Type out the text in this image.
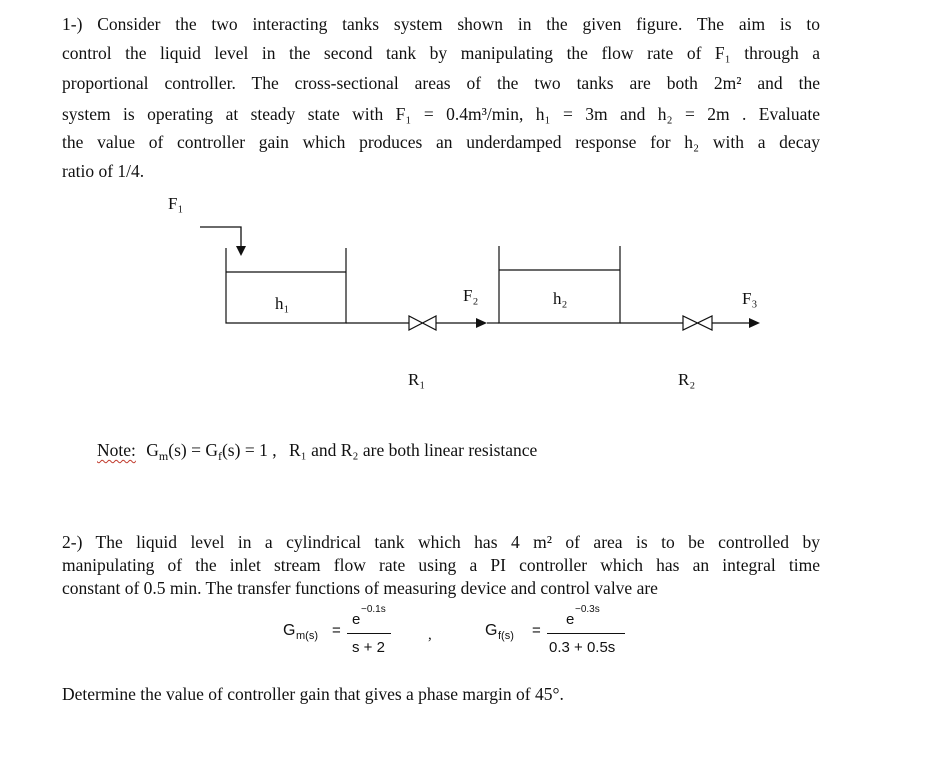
1-) Consider the two interacting tanks system shown in the given figure. The aim is to
control the liquid level in the second tank by manipulating the flow rate of F₁ through a
proportional controller. The cross-sectional areas of the two tanks are both 2m² and the
system is operating at steady state with F₁ = 0.4m³/min, h₁ = 3m and h₂ = 2m . Evaluate
the value of controller gain which produces an underdamped response for h₂ with a decay
ratio of 1/4.
F₁
h₁	F₂	h₂	F₃
R₁	R₂
Note: $G_m(s) = G_f(s) = 1$ , R₁ and R₂ are both linear resistance
2-) The liquid level in a cylindrical tank which has 4 m² of area is to be controlled by
manipulating of the inlet stream flow rate using a PI controller which has an integral time
constant of 0.5 min. The transfer functions of measuring device and control valve are
G m(s) =
e
−0.1s
s + 2
,	G f(s) =
e
−0.3s
0.3 + 0.5s
Determine the value of controller gain that gives a phase margin of 45°.
